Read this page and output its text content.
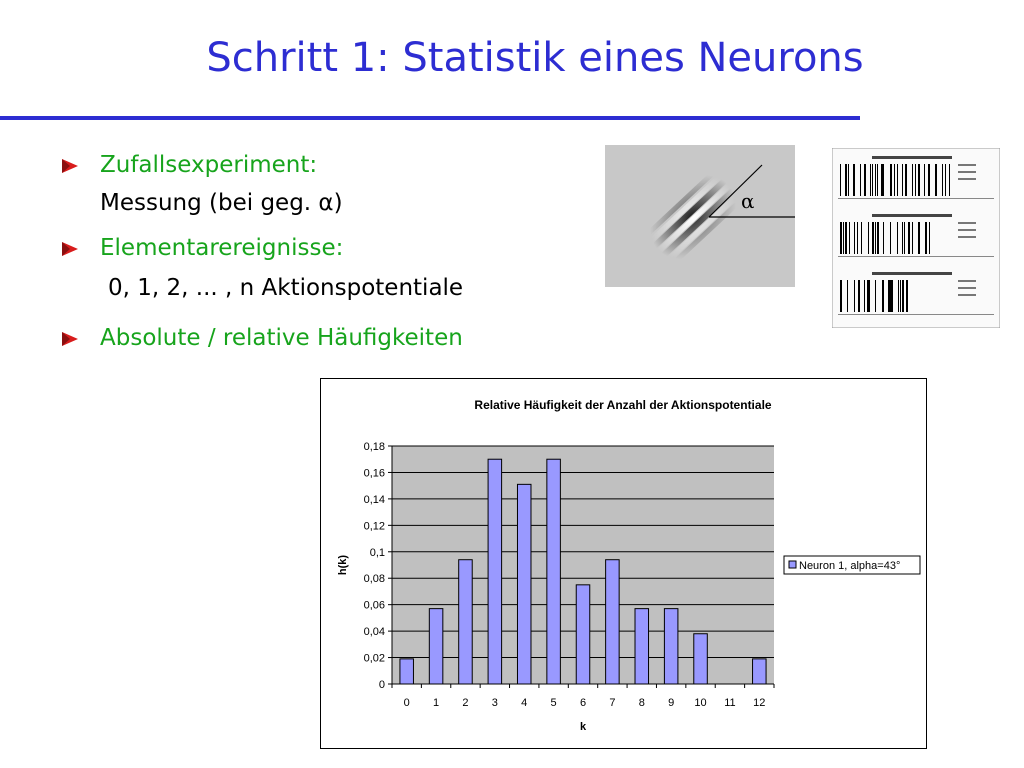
Schritt 1: Statistik eines Neurons
Zufallsexperiment:
Messung (bei geg. α)
Elementarereignisse:
0, 1, 2, ... , n Aktionspotentiale
Absolute / relative Häufigkeiten
α
Relative Häufigkeit der Anzahl der Aktionspotentiale
0
0,02
0,04
0,06
0,08
0,1
0,12
0,14
0,16
0,18
0 1 2 3 4 5 6 7 8 9 10 11 12
h(k)
k
Neuron 1, alpha=43°
